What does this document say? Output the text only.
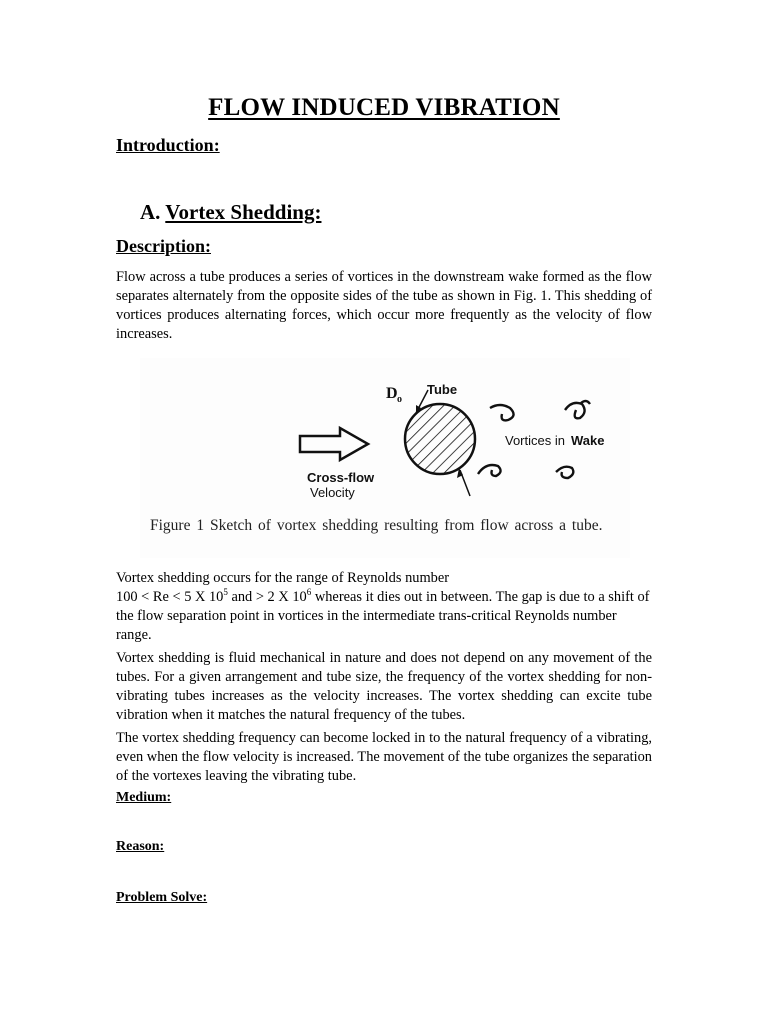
FLOW INDUCED VIBRATION
Introduction:
A. Vortex Shedding:
Description:

Flow across a tube produces a series of vortices in the downstream wake formed as the flow separates alternately from the opposite sides of the tube as shown in Fig. 1. This shedding of vortices produces alternating forces, which occur more frequently as the velocity of flow increases.

D o
Tube
Vortices in Wake
Cross-flow
Velocity
Figure 1 Sketch of vortex shedding resulting from flow across a tube.

Vortex shedding occurs for the range of Reynolds number
100 < Re < 5 X $10^5$ and > 2 X $10^6$ whereas it dies out in between. The gap is due to a shift of the flow separation point in vortices in the intermediate trans-critical Reynolds number range.

Vortex shedding is fluid mechanical in nature and does not depend on any movement of the tubes. For a given arrangement and tube size, the frequency of the vortex shedding for non-vibrating tubes increases as the velocity increases. The vortex shedding can excite tube vibration when it matches the natural frequency of the tubes.

The vortex shedding frequency can become locked in to the natural frequency of a vibrating, even when the flow velocity is increased. The movement of the tube organizes the separation of the vortexes leaving the vibrating tube.

Medium:
Reason:
Problem Solve:
